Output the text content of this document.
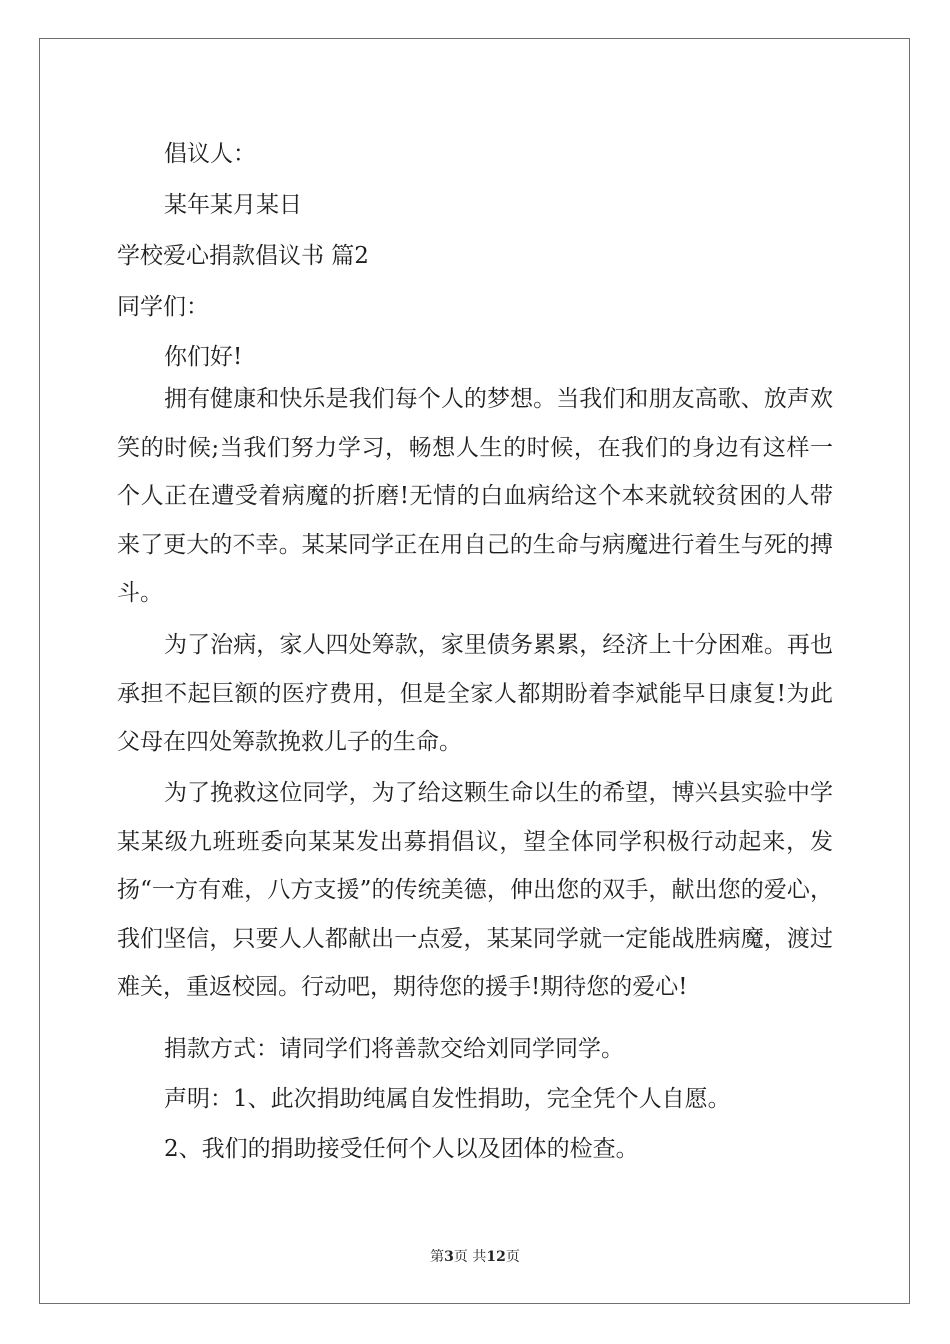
倡议人：
某年某月某日
学校爱心捐款倡议书 篇2
同学们：
你们好!
拥有健康和快乐是我们每个人的梦想。当我们和朋友高歌、放声欢笑的时候;当我们努力学习，畅想人生的时候，在我们的身边有这样一个人正在遭受着病魔的折磨!无情的白血病给这个本来就较贫困的人带来了更大的不幸。某某同学正在用自己的生命与病魔进行着生与死的搏斗。
为了治病，家人四处筹款，家里债务累累，经济上十分困难。再也承担不起巨额的医疗费用，但是全家人都期盼着李斌能早日康复!为此父母在四处筹款挽救儿子的生命。
为了挽救这位同学，为了给这颗生命以生的希望，博兴县实验中学某某级九班班委向某某发出募捐倡议，望全体同学积极行动起来，发扬“一方有难，八方支援”的传统美德，伸出您的双手，献出您的爱心，我们坚信，只要人人都献出一点爱，某某同学就一定能战胜病魔，渡过难关，重返校园。行动吧，期待您的援手!期待您的爱心!
捐款方式：请同学们将善款交给刘同学同学。
声明：1、此次捐助纯属自发性捐助，完全凭个人自愿。
2、我们的捐助接受任何个人以及团体的检查。
第3页 共12页
